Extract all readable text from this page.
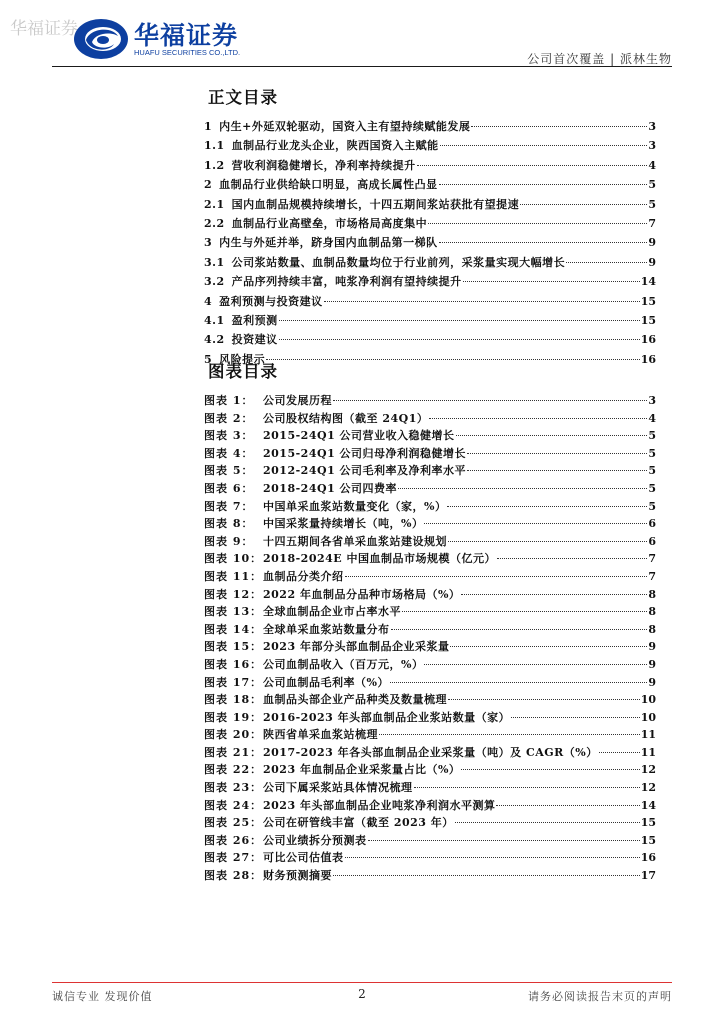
华福证券 华福证券
HUAFU SECURITIES CO.,LTD.	公司首次覆盖 | 派林生物
正文目录
1 内生+外延双轮驱动，国资入主有望持续赋能发展	3
1.1 血制品行业龙头企业，陕西国资入主赋能	3
1.2 营收利润稳健增长，净利率持续提升	4
2 血制品行业供给缺口明显，高成长属性凸显	5
2.1 国内血制品规模持续增长，十四五期间浆站获批有望提速	5
2.2 血制品行业高壁垒，市场格局高度集中	7
3 内生与外延并举，跻身国内血制品第一梯队	9
3.1 公司浆站数量、血制品数量均位于行业前列，采浆量实现大幅增长	9
3.2 产品序列持续丰富，吨浆净利润有望持续提升	14
4 盈利预测与投资建议	15
4.1 盈利预测	15
4.2 投资建议	16
5 风险提示	16
图表目录
图表 1： 公司发展历程	3
图表 2： 公司股权结构图（截至 24Q1）	4
图表 3： 2015-24Q1 公司营业收入稳健增长	5
图表 4： 2015-24Q1 公司归母净利润稳健增长	5
图表 5： 2012-24Q1 公司毛利率及净利率水平	5
图表 6： 2018-24Q1 公司四费率	5
图表 7： 中国单采血浆站数量变化（家，%）	5
图表 8： 中国采浆量持续增长（吨，%）	6
图表 9： 十四五期间各省单采血浆站建设规划	6
图表 10： 2018-2024E 中国血制品市场规模（亿元）	7
图表 11： 血制品分类介绍	7
图表 12： 2022 年血制品分品种市场格局（%）	8
图表 13： 全球血制品企业市占率水平	8
图表 14： 全球单采血浆站数量分布	8
图表 15： 2023 年部分头部血制品企业采浆量	9
图表 16： 公司血制品收入（百万元，%）	9
图表 17： 公司血制品毛利率（%）	9
图表 18： 血制品头部企业产品种类及数量梳理	10
图表 19： 2016-2023 年头部血制品企业浆站数量（家）	10
图表 20： 陕西省单采血浆站梳理	11
图表 21： 2017-2023 年各头部血制品企业采浆量（吨）及 CAGR（%）	11
图表 22： 2023 年血制品企业采浆量占比（%）	12
图表 23： 公司下属采浆站具体情况梳理	12
图表 24： 2023 年头部血制品企业吨浆净利润水平测算	14
图表 25： 公司在研管线丰富（截至 2023 年）	15
图表 26： 公司业绩拆分预测表	15
图表 27： 可比公司估值表	16
图表 28： 财务预测摘要	17
诚信专业 发现价值	2	请务必阅读报告末页的声明
